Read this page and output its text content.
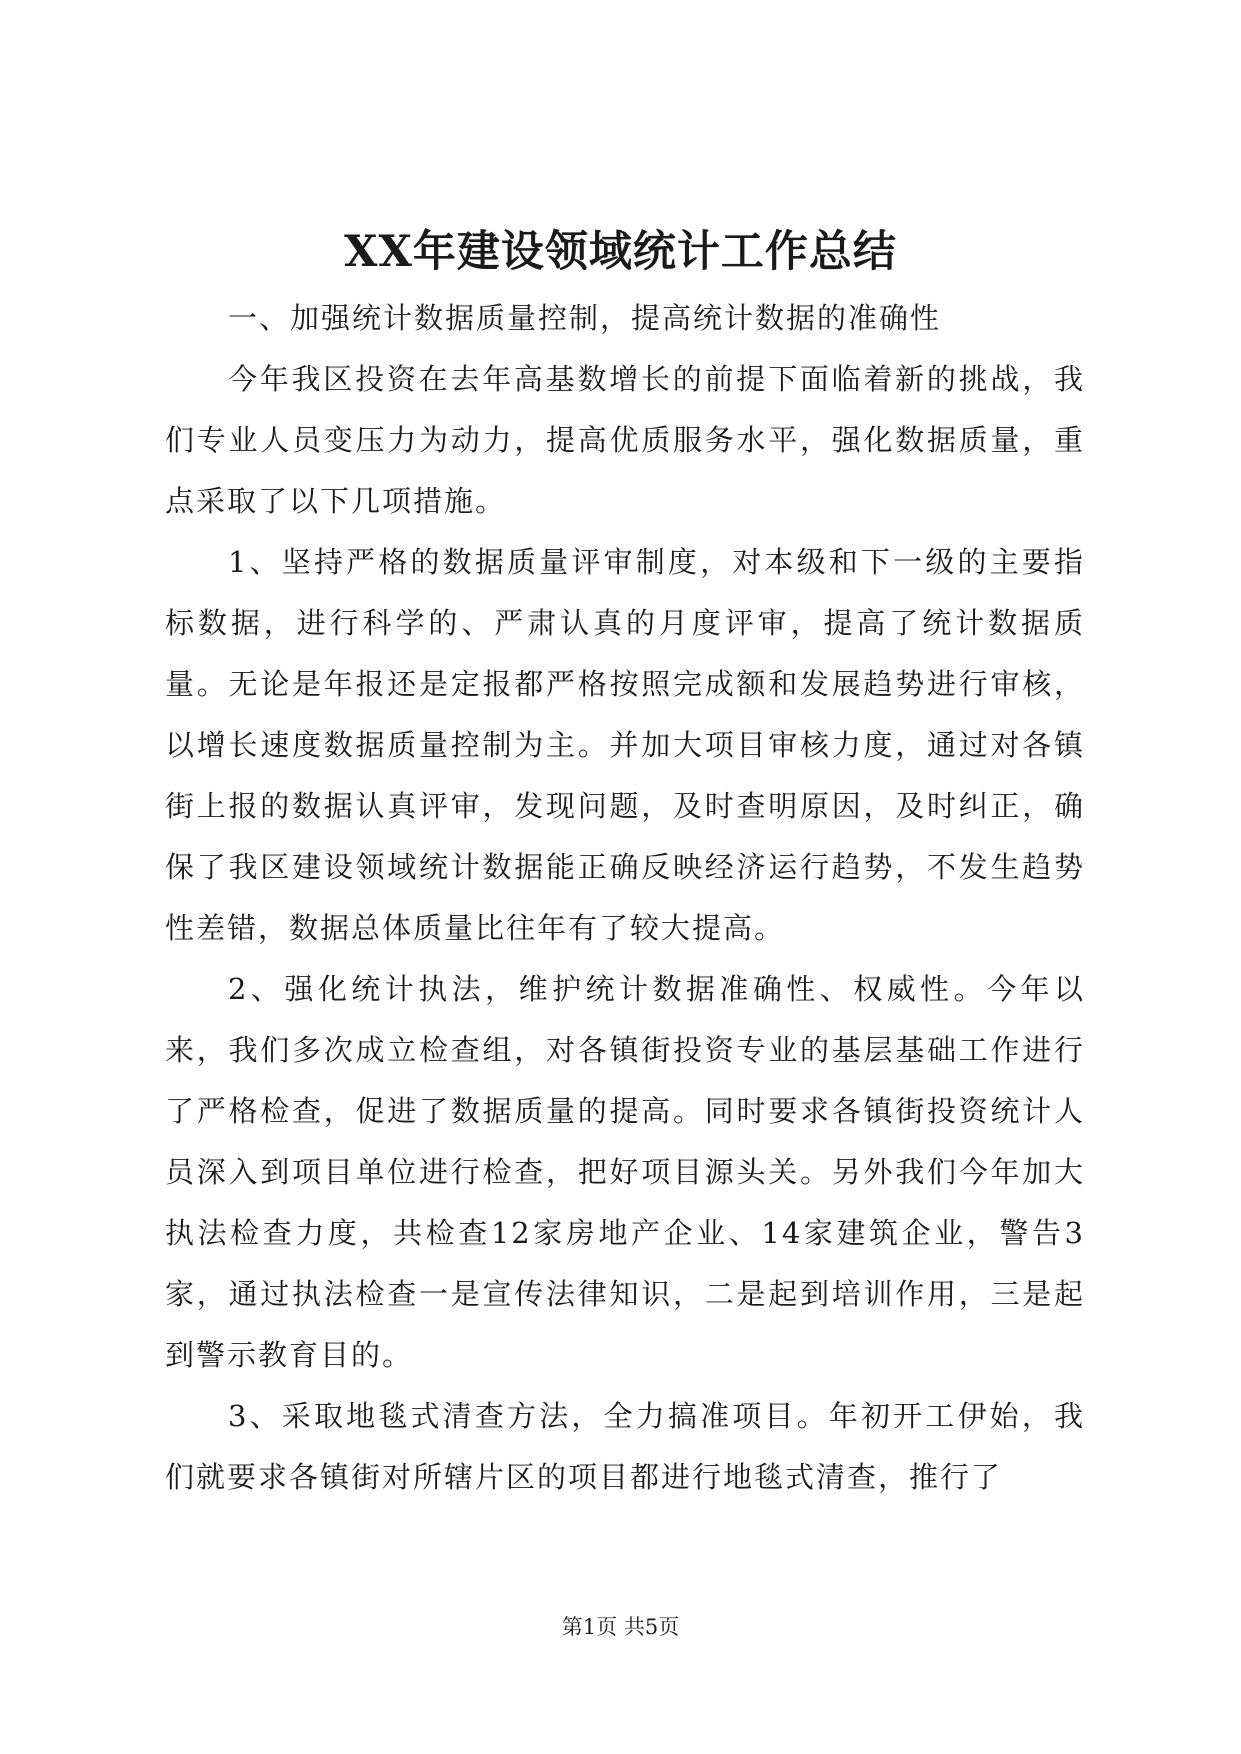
XX年建设领域统计工作总结

一、加强统计数据质量控制，提高统计数据的准确性

今年我区投资在去年高基数增长的前提下面临着新的挑战，我们专业人员变压力为动力，提高优质服务水平，强化数据质量，重点采取了以下几项措施。

1、坚持严格的数据质量评审制度，对本级和下一级的主要指标数据，进行科学的、严肃认真的月度评审，提高了统计数据质量。无论是年报还是定报都严格按照完成额和发展趋势进行审核，以增长速度数据质量控制为主。并加大项目审核力度，通过对各镇街上报的数据认真评审，发现问题，及时查明原因，及时纠正，确保了我区建设领域统计数据能正确反映经济运行趋势，不发生趋势性差错，数据总体质量比往年有了较大提高。

2、强化统计执法，维护统计数据准确性、权威性。今年以来，我们多次成立检查组，对各镇街投资专业的基层基础工作进行了严格检查，促进了数据质量的提高。同时要求各镇街投资统计人员深入到项目单位进行检查，把好项目源头关。另外我们今年加大执法检查力度，共检查12家房地产企业、14家建筑企业，警告3家，通过执法检查一是宣传法律知识，二是起到培训作用，三是起到警示教育目的。

3、采取地毯式清查方法，全力搞准项目。年初开工伊始，我们就要求各镇街对所辖片区的项目都进行地毯式清查，推行了

第1页 共5页
